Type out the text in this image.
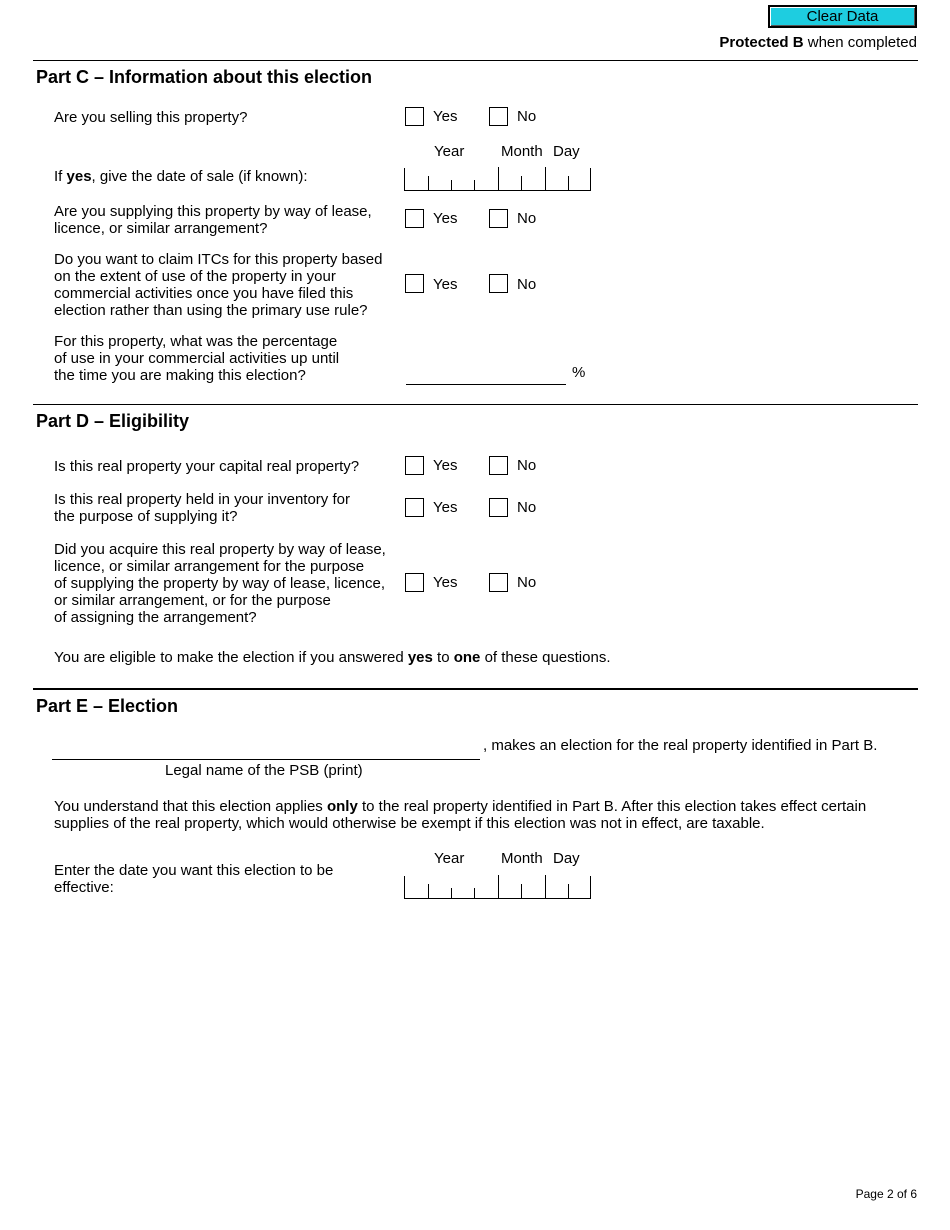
Clear Data
Protected B when completed
Part C – Information about this election
Are you selling this property?	Yes	No
Year Month Day
If yes, give the date of sale (if known):
Are you supplying this property by way of lease,
licence, or similar arrangement?
Yes	No
Do you want to claim ITCs for this property based
on the extent of use of the property in your
commercial activities once you have filed this
election rather than using the primary use rule?
Yes	No
For this property, what was the percentage
of use in your commercial activities up until
the time you are making this election?	%
Part D – Eligibility
Is this real property your capital real property?	Yes	No
Is this real property held in your inventory for
the purpose of supplying it?
Yes	No
Did you acquire this real property by way of lease,
licence, or similar arrangement for the purpose
of supplying the property by way of lease, licence,
or similar arrangement, or for the purpose
of assigning the arrangement?
Yes	No
You are eligible to make the election if you answered yes to one of these questions.
Part E – Election
, makes an election for the real property identified in Part B.
Legal name of the PSB (print)
You understand that this election applies only to the real property identified in Part B. After this election takes effect certain
supplies of the real property, which would otherwise be exempt if this election was not in effect, are taxable.
Year Month Day
Enter the date you want this election to be
effective:
Page 2 of 6
